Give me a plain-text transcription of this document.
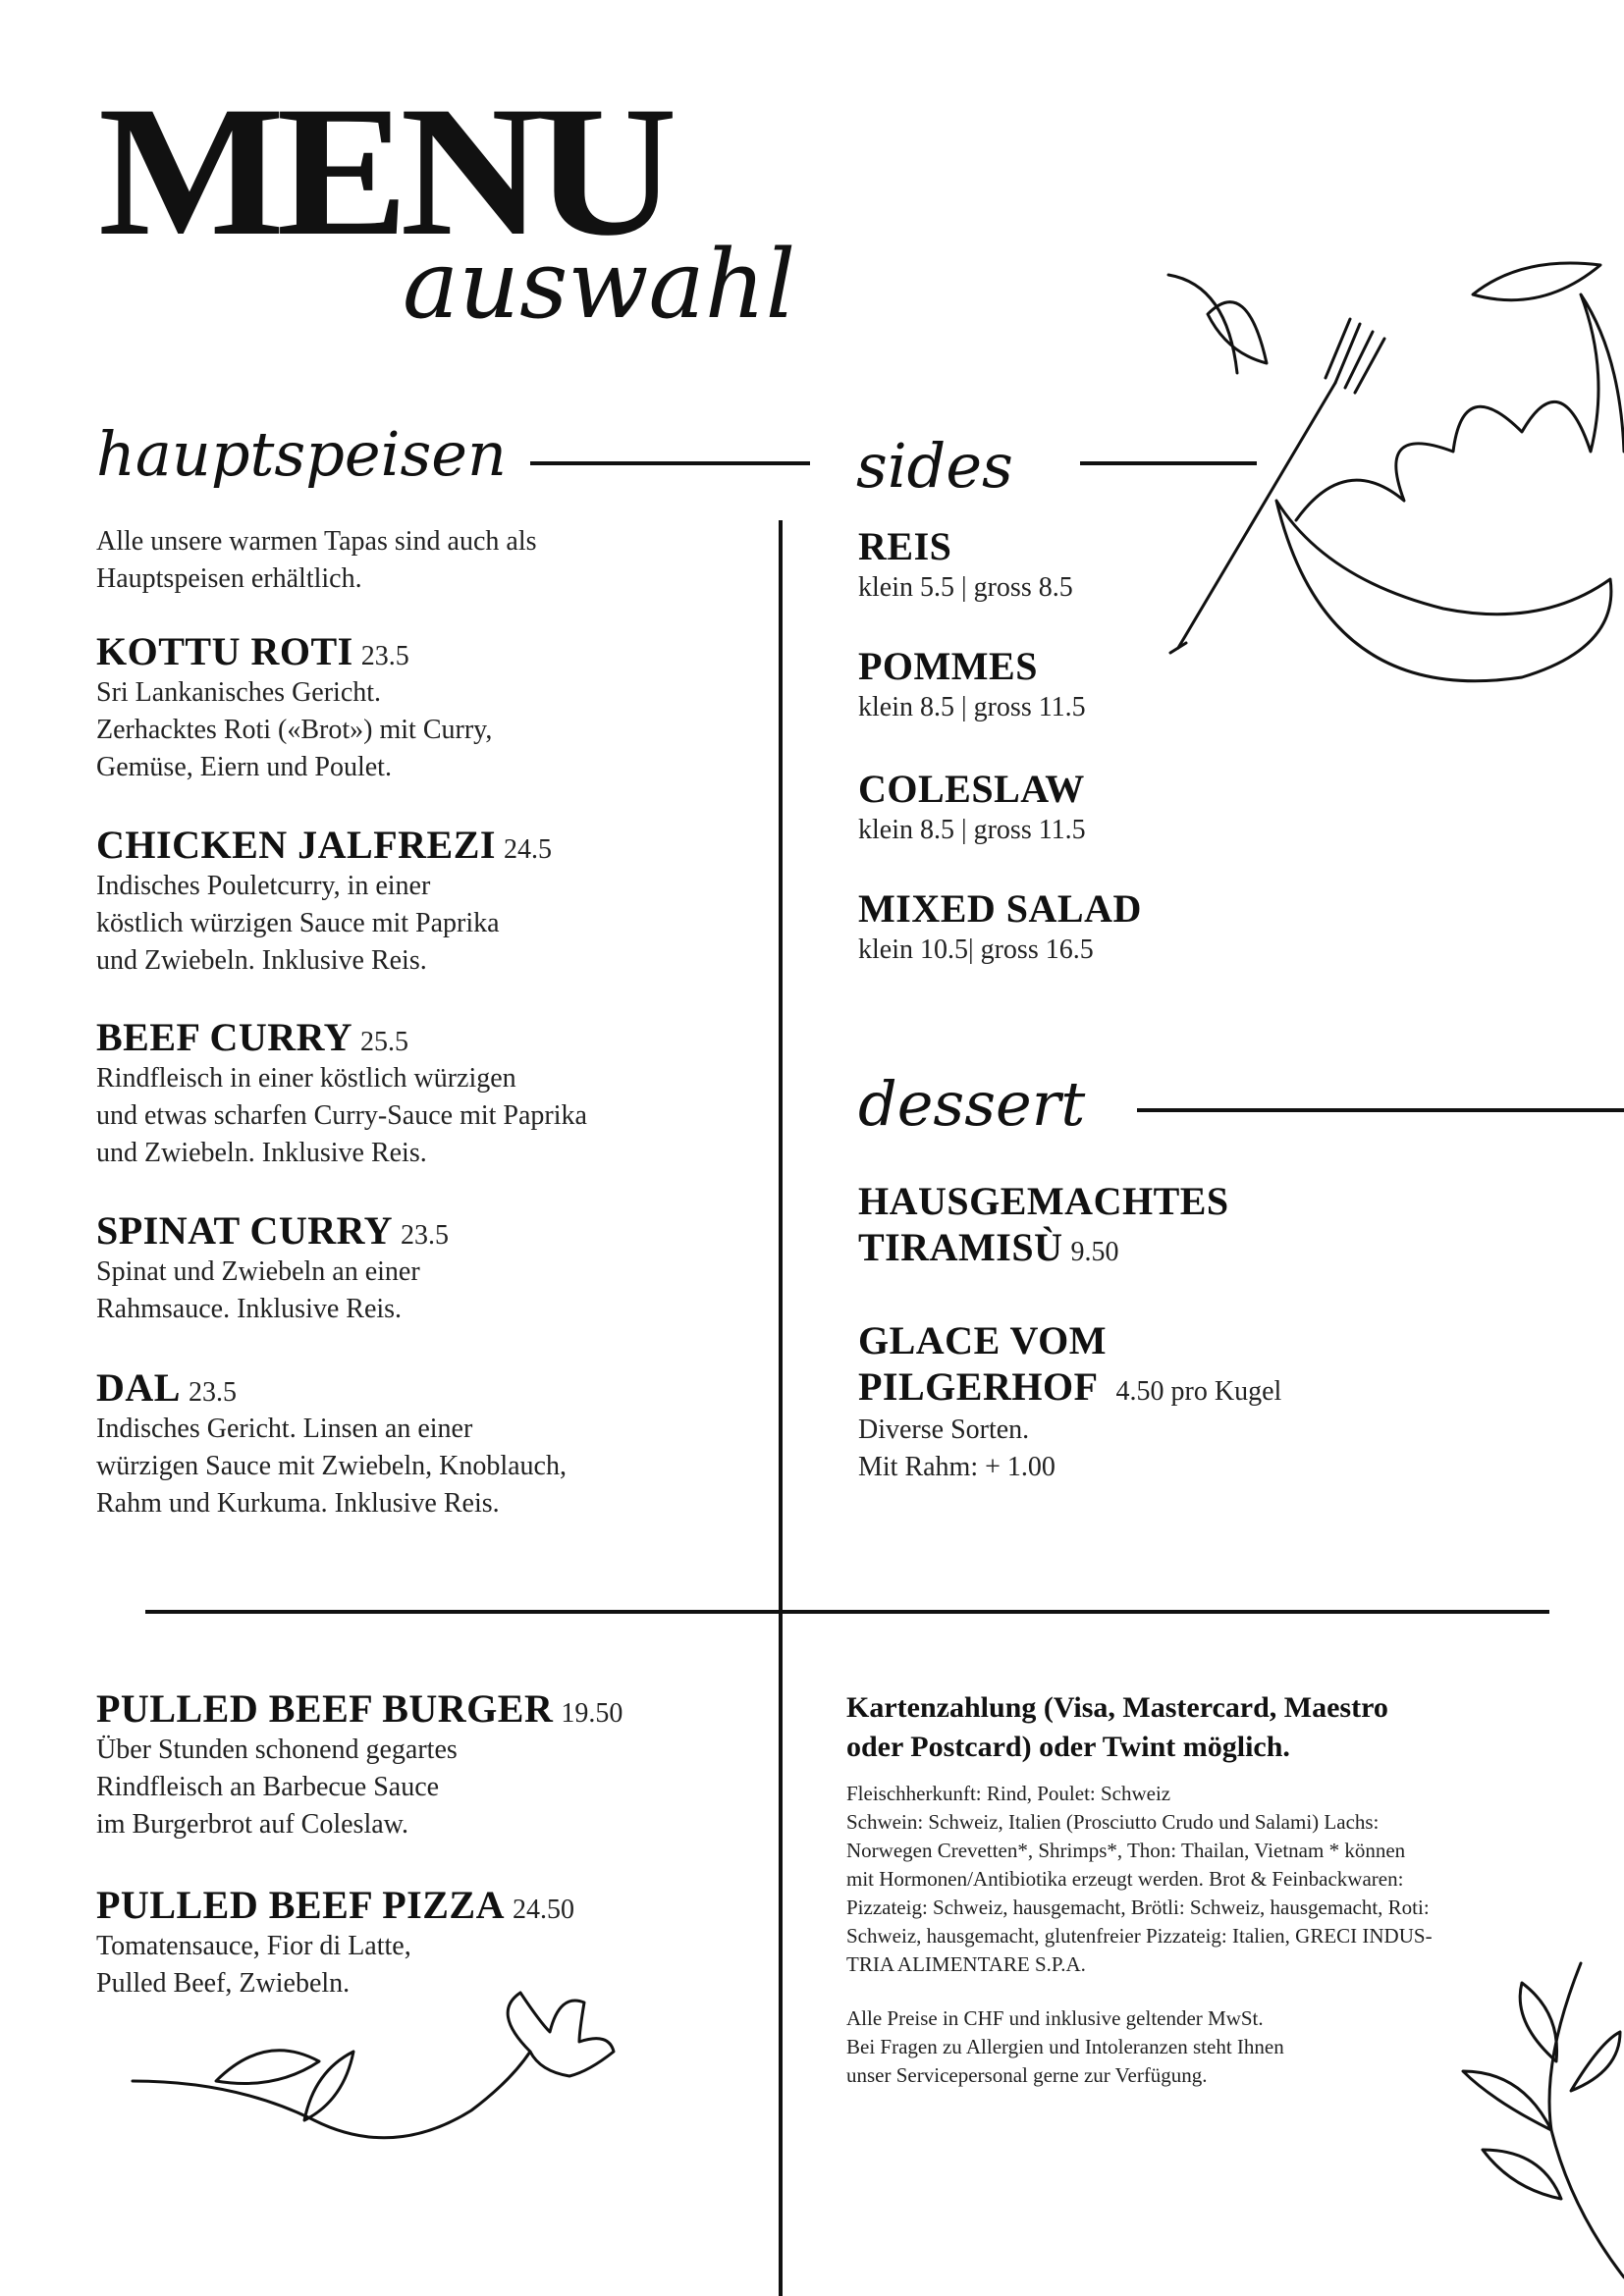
MENU
auswahl
hauptspeisen
Alle unsere warmen Tapas sind auch als Hauptspeisen erhältlich.
KOTTU ROTI 23.5
Sri Lankanisches Gericht.
Zerhacktes Roti («Brot») mit Curry,
Gemüse, Eiern und Poulet.
CHICKEN JALFREZI 24.5
Indisches Pouletcurry, in einer
köstlich würzigen Sauce mit Paprika
und Zwiebeln. Inklusive Reis.
BEEF CURRY 25.5
Rindfleisch in einer köstlich würzigen
und etwas scharfen Curry-Sauce mit Paprika
und Zwiebeln. Inklusive Reis.
SPINAT CURRY 23.5
Spinat und Zwiebeln an einer
Rahmsauce. Inklusive Reis.
DAL 23.5
Indisches Gericht. Linsen an einer
würzigen Sauce mit Zwiebeln, Knoblauch,
Rahm und Kurkuma. Inklusive Reis.
sides
REIS
klein 5.5 | gross 8.5
POMMES
klein 8.5 | gross 11.5
COLESLAW
klein 8.5 | gross 11.5
MIXED SALAD
klein 10.5| gross 16.5
dessert
HAUSGEMACHTES
TIRAMISÙ 9.50
GLACE VOM
PILGERHOF 4.50 pro Kugel
Diverse Sorten.
Mit Rahm: + 1.00
PULLED BEEF BURGER 19.50
Über Stunden schonend gegartes
Rindfleisch an Barbecue Sauce
im Burgerbrot auf Coleslaw.
PULLED BEEF PIZZA 24.50
Tomatensauce, Fior di Latte,
Pulled Beef, Zwiebeln.
Kartenzahlung (Visa, Mastercard, Maestro
oder Postcard) oder Twint möglich.
Fleischherkunft: Rind, Poulet: Schweiz
Schwein: Schweiz, Italien (Prosciutto Crudo und Salami) Lachs:
Norwegen Crevetten*, Shrimps*, Thon: Thailan, Vietnam * können
mit Hormonen/Antibiotika erzeugt werden. Brot & Feinbackwaren:
Pizzateig: Schweiz, hausgemacht, Brötli: Schweiz, hausgemacht, Roti:
Schweiz, hausgemacht, glutenfreier Pizzateig: Italien, GRECI INDUS-
TRIA ALIMENTARE S.P.A.
Alle Preise in CHF und inklusive geltender MwSt.
Bei Fragen zu Allergien und Intoleranzen steht Ihnen
unser Servicepersonal gerne zur Verfügung.
